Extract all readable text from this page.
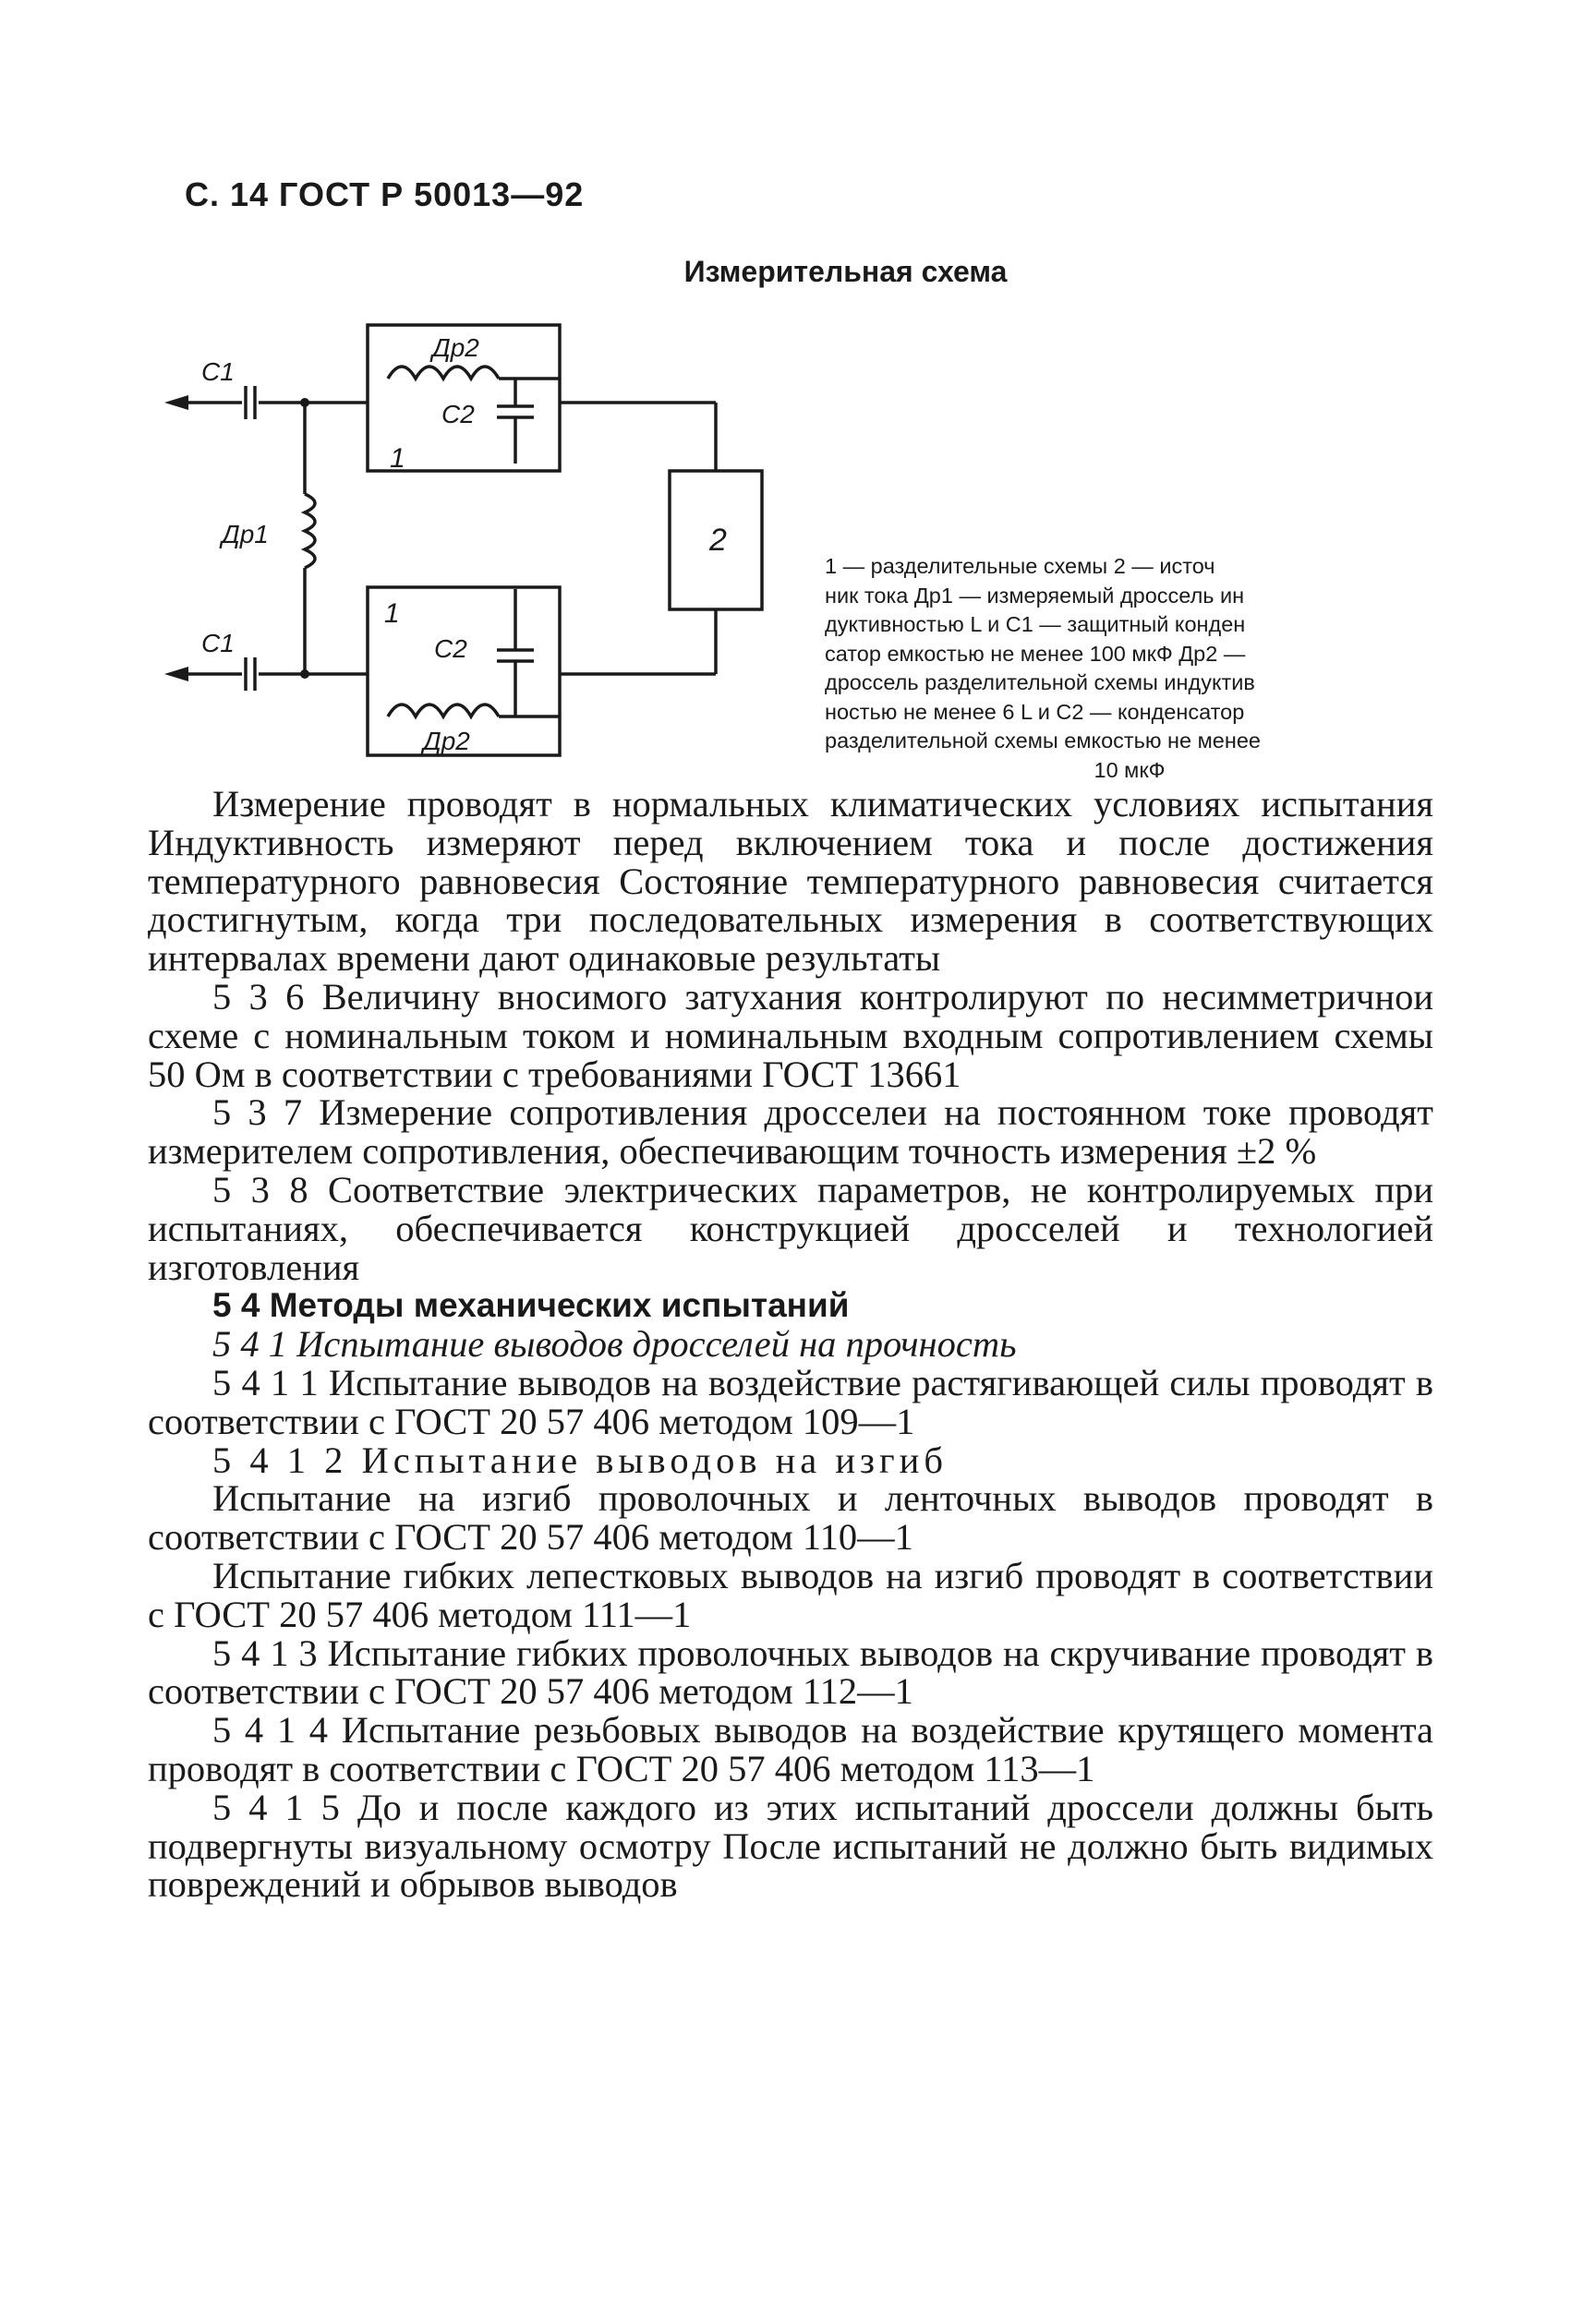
С. 14 ГОСТ Р 50013—92
Измерительная схема
C1
C1
Др1
Др2
C2
1
1
C2
Др2
2
1 — разделительные схемы 2 — источ
ник тока Др1 — измеряемый дроссель ин
дуктивностью L и C1 — защитный конден
сатор емкостью не менее 100 мкФ Др2 —
дроссель разделительной схемы индуктив
ностью не менее 6 L и C2 — конденсатор
разделительной схемы емкостью не менее
10 мкФ

Измерение проводят в нормальных климатических условиях испытания Индуктивность измеряют перед включением тока и после достижения температурного равновесия Состояние температурного равновесия считается достигнутым, когда три последовательных измерения в соответствующих интервалах времени дают одинаковые результаты

5 3 6 Величину вносимого затухания контролируют по несимметричнои схеме с номинальным током и номинальным входным сопротивлением схемы 50 Ом в соответствии с требованиями ГОСТ 13661

5 3 7 Измерение сопротивления дросселеи на постоянном токе проводят измерителем сопротивления, обеспечивающим точность измерения ±2 %

5 3 8 Соответствие электрических параметров, не контролируемых при испытаниях, обеспечивается конструкцией дросселей и технологией изготовления

5 4 Методы механических испытаний

5 4 1 Испытание выводов дросселей на прочность

5 4 1 1 Испытание выводов на воздействие растягивающей силы проводят в соответствии с ГОСТ 20 57 406 методом 109—1

5 4 1 2 Испытание выводов на изгиб

Испытание на изгиб проволочных и ленточных выводов проводят в соответствии с ГОСТ 20 57 406 методом 110—1

Испытание гибких лепестковых выводов на изгиб проводят в соответствии с ГОСТ 20 57 406 методом 111—1

5 4 1 3 Испытание гибких проволочных выводов на скручивание проводят в соответствии с ГОСТ 20 57 406 методом 112—1

5 4 1 4 Испытание резьбовых выводов на воздействие крутящего момента проводят в соответствии с ГОСТ 20 57 406 методом 113—1

5 4 1 5 До и после каждого из этих испытаний дроссели должны быть подвергнуты визуальному осмотру После испытаний не должно быть видимых повреждений и обрывов выводов
